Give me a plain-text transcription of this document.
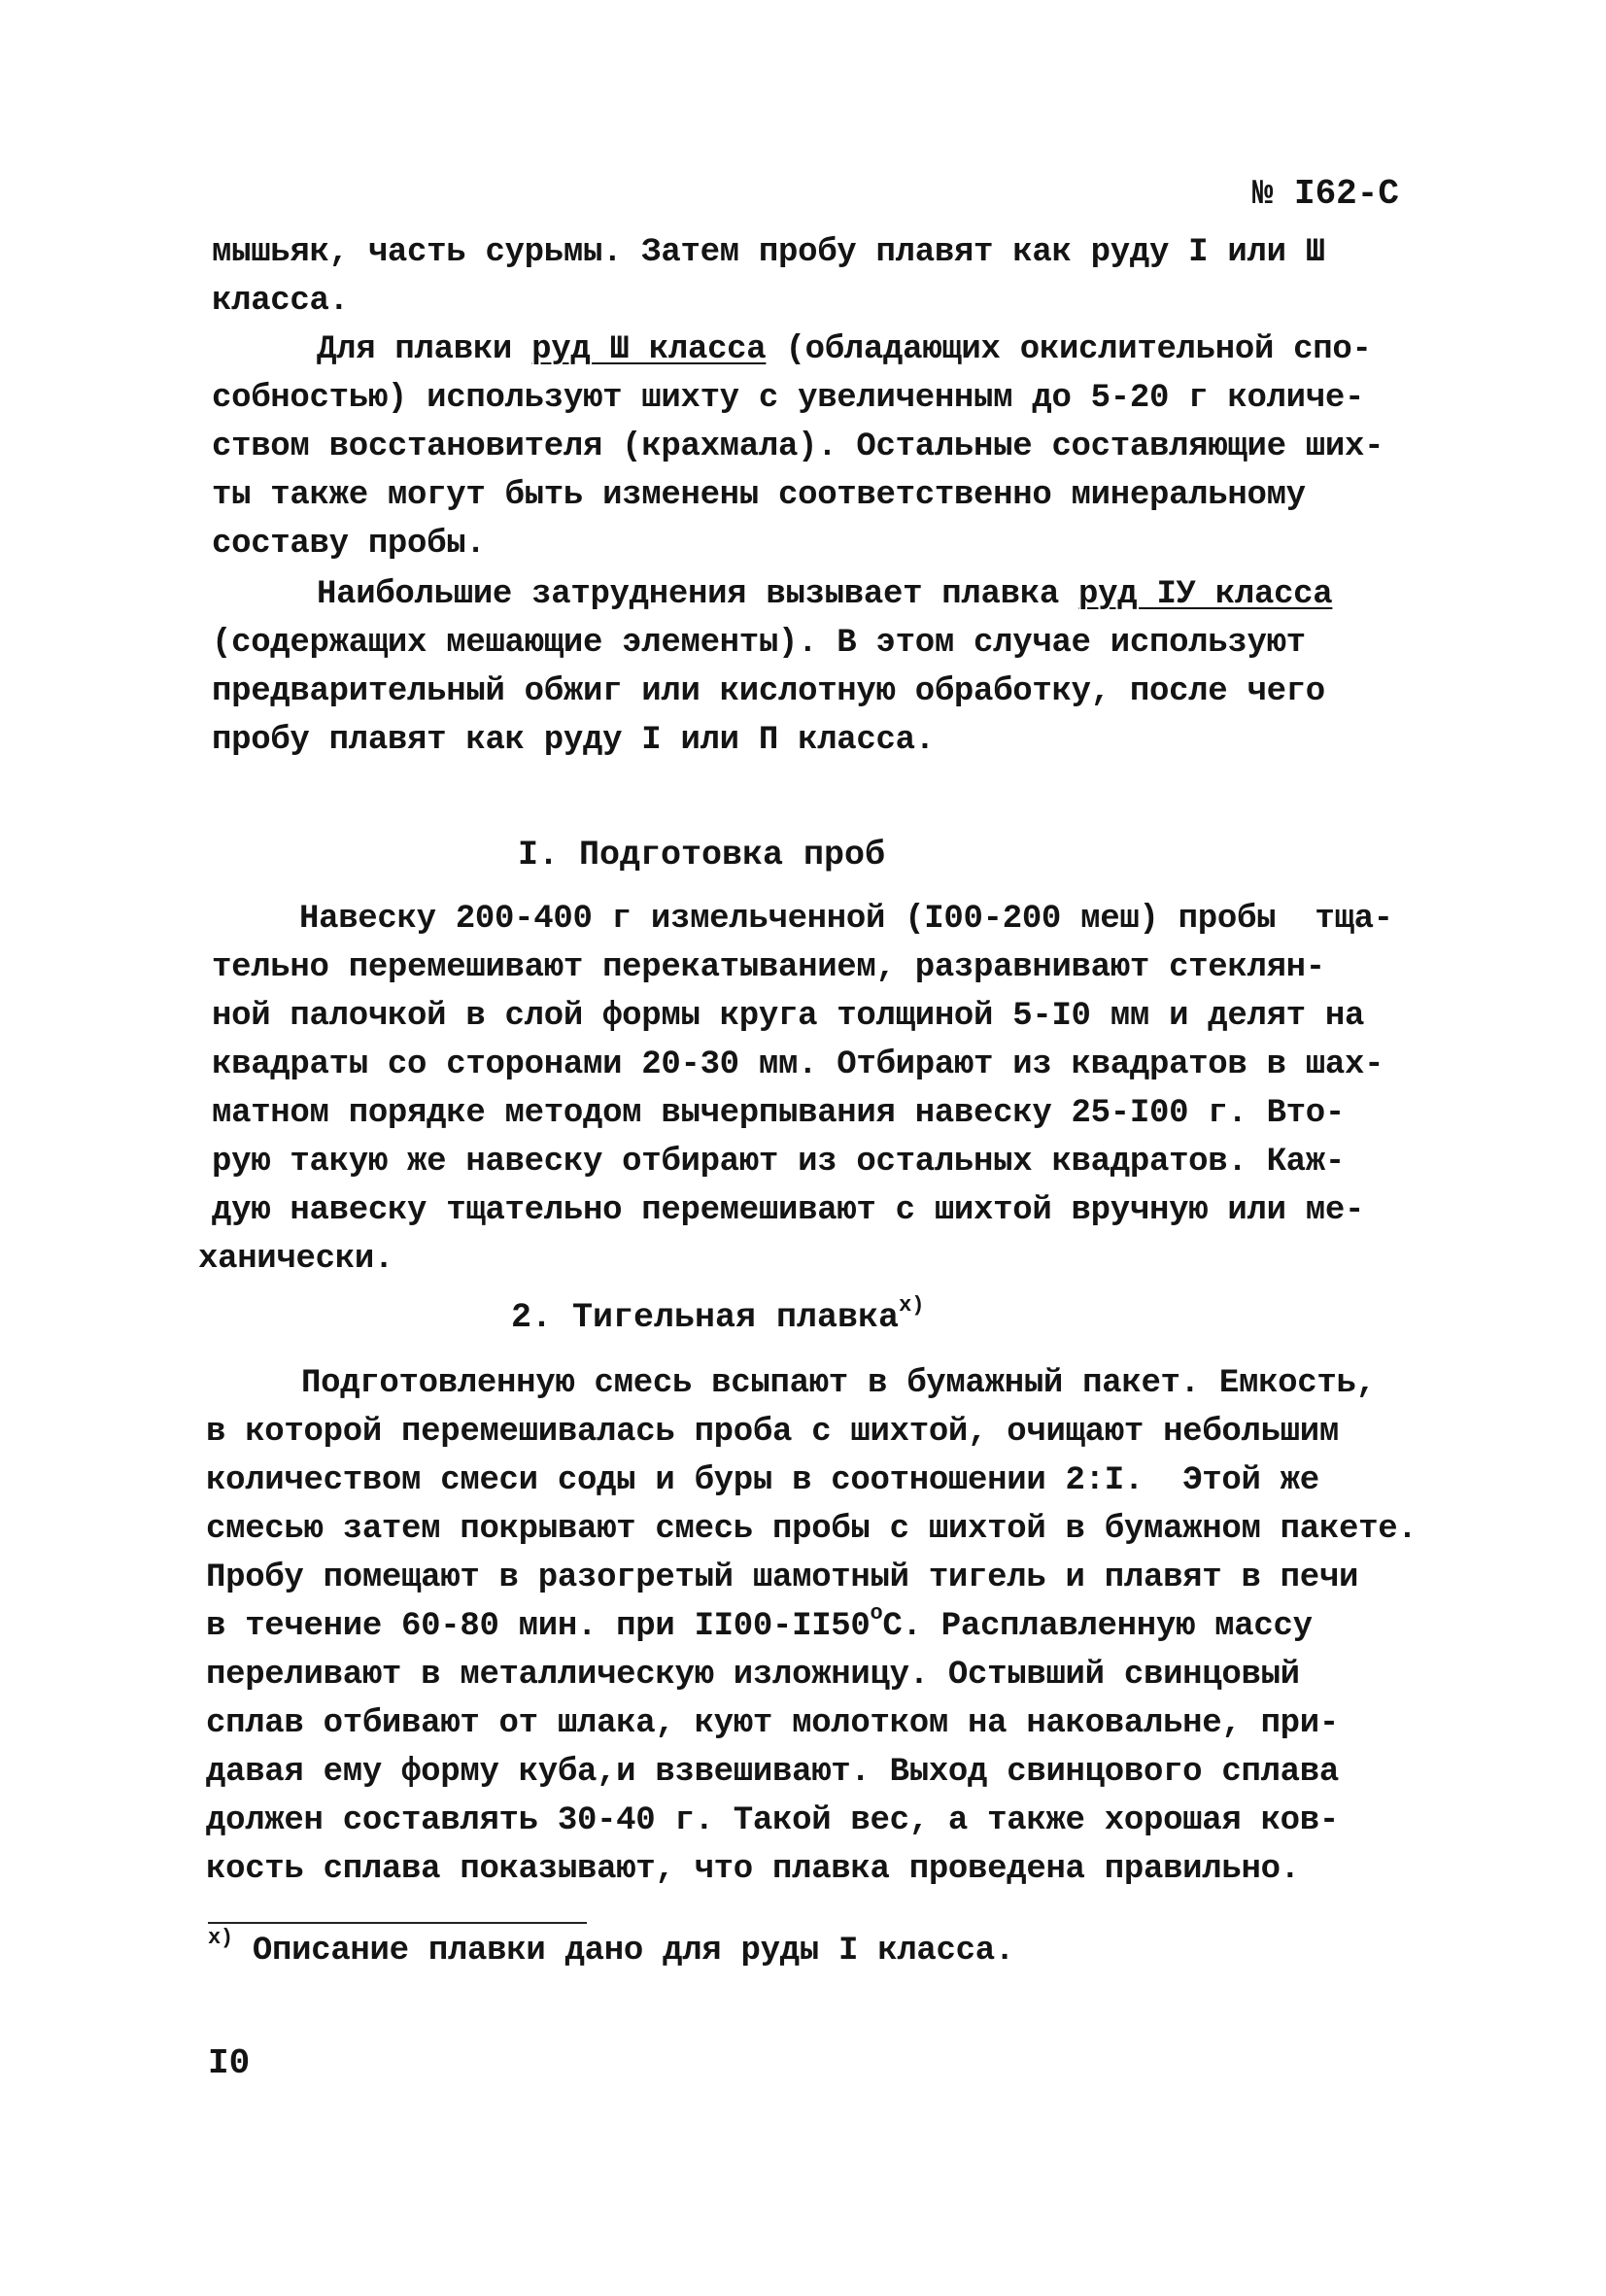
№ I62-С
мышьяк, часть сурьмы. Затем пробу плавят как руду I или Ш
класса.
Для плавки руд Ш класса (обладающих окислительной спо-
собностью) используют шихту с увеличенным до 5-20 г количе-
ством восстановителя (крахмала). Остальные составляющие ших-
ты также могут быть изменены соответственно минеральному
составу пробы.
Наибольшие затруднения вызывает плавка руд IУ класса
(содержащих мешающие элементы). В этом случае используют
предварительный обжиг или кислотную обработку, после чего
пробу плавят как руду I или П класса.
I. Подготовка проб
Навеску 200-400 г измельченной (I00-200 меш) пробы  тща-
тельно перемешивают перекатыванием, разравнивают стеклян-
ной палочкой в слой формы круга толщиной 5-I0 мм и делят на
квадраты со сторонами 20-30 мм. Отбирают из квадратов в шах-
матном порядке методом вычерпывания навеску 25-I00 г. Вто-
рую такую же навеску отбирают из остальных квадратов. Каж-
дую навеску тщательно перемешивают с шихтой вручную или ме-
ханически.
2. Тигельная плавка$^{х)}$
Подготовленную смесь всыпают в бумажный пакет. Емкость,
в которой перемешивалась проба с шихтой, очищают небольшим
количеством смеси соды и буры в соотношении 2:I.  Этой же
смесью затем покрывают смесь пробы с шихтой в бумажном пакете.
Пробу помещают в разогретый шамотный тигель и плавят в печи
в течение 60-80 мин. при $II00-II50^оС$. Расплавленную массу
переливают в металлическую изложницу. Остывший свинцовый
сплав отбивают от шлака, куют молотком на наковальне, при-
давая ему форму куба,и взвешивают. Выход свинцового сплава
должен составлять 30-40 г. Такой вес, а также хорошая ков-
кость сплава показывают, что плавка проведена правильно.
$^{х)}$ Описание плавки дано для руды I класса.
I0
